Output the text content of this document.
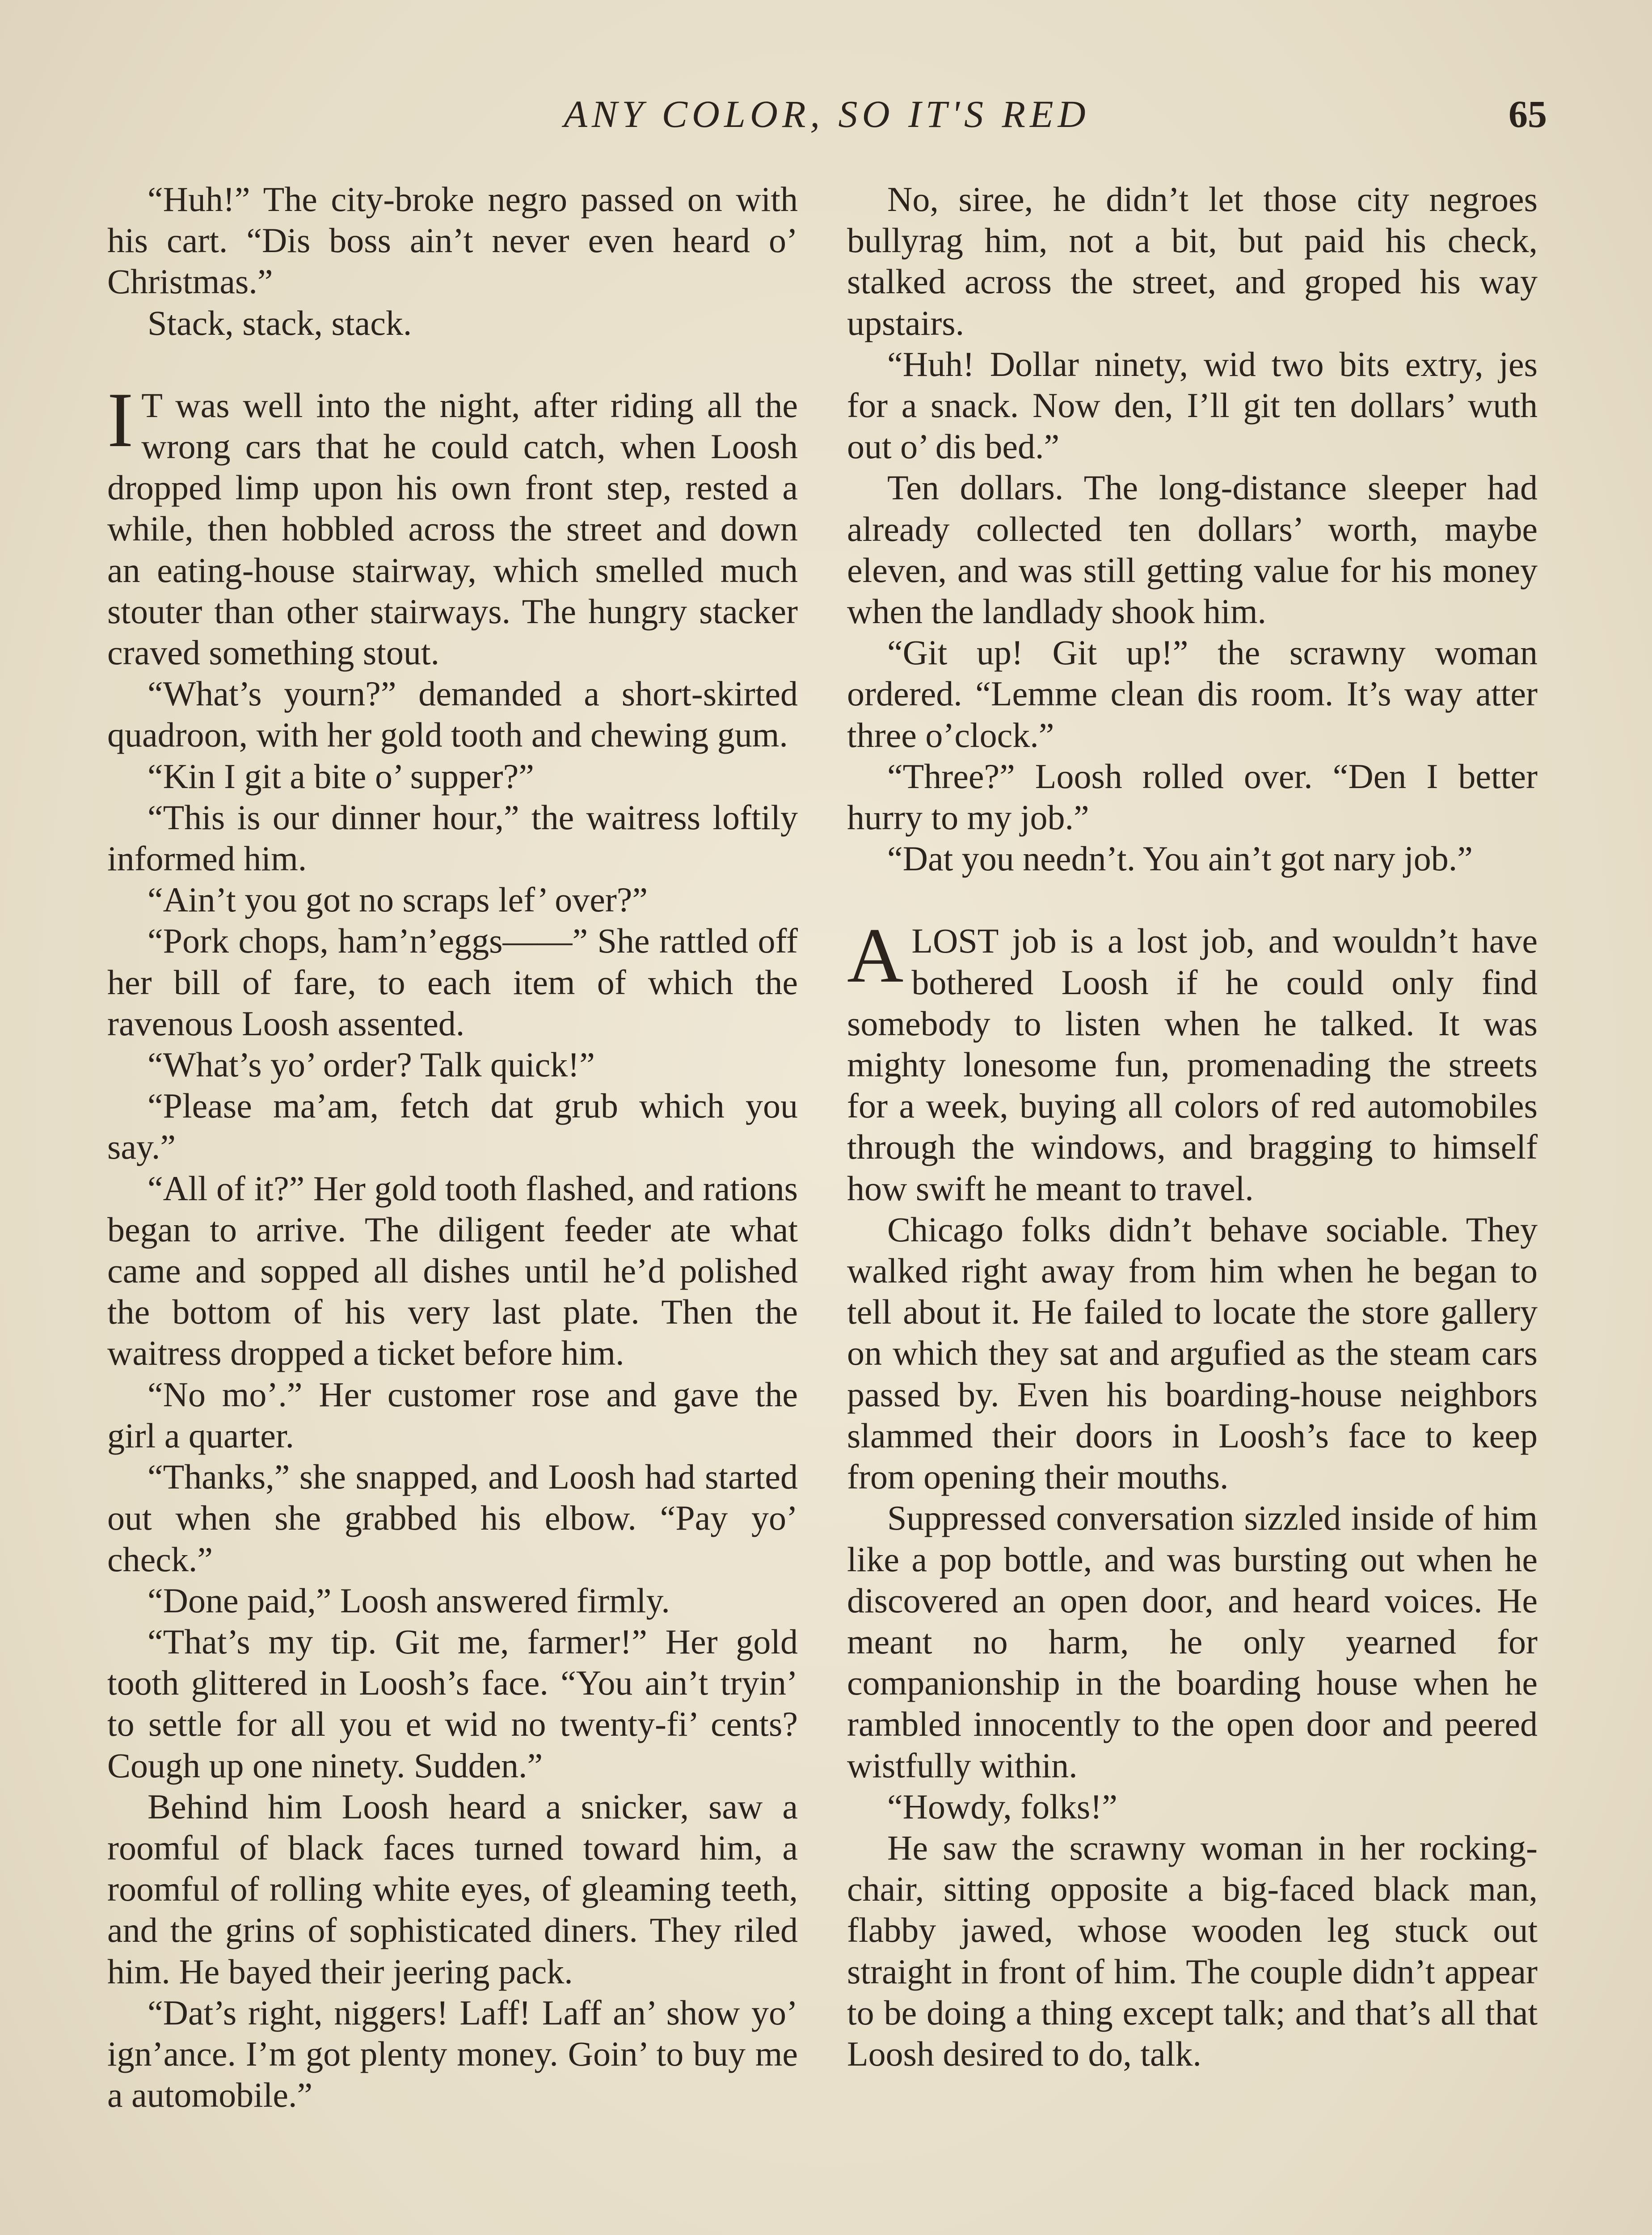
ANY COLOR, SO IT'S RED	65

“Huh!” The city-broke negro passed on with his cart. “Dis boss ain’t never even heard o’ Christmas.”

Stack, stack, stack.

I T was well into the night, after riding all the wrong cars that he could catch, when Loosh dropped limp upon his own front step, rested a while, then hobbled across the street and down an eating-house stairway, which smelled much stouter than other stairways. The hungry stacker craved something stout.

“What’s yourn?” demanded a short-skirted quadroon, with her gold tooth and chewing gum.

“Kin I git a bite o’ supper?”

“This is our dinner hour,” the waitress loftily informed him.

“Ain’t you got no scraps lef’ over?”

“Pork chops, ham’n’eggs——” She rattled off her bill of fare, to each item of which the ravenous Loosh assented.

“What’s yo’ order? Talk quick!”

“Please ma’am, fetch dat grub which you say.”

“All of it?” Her gold tooth flashed, and rations began to arrive. The diligent feeder ate what came and sopped all dishes until he’d polished the bottom of his very last plate. Then the waitress dropped a ticket before him.

“No mo’.” Her customer rose and gave the girl a quarter.

“Thanks,” she snapped, and Loosh had started out when she grabbed his elbow. “Pay yo’ check.”

“Done paid,” Loosh answered firmly.

“That’s my tip. Git me, farmer!” Her gold tooth glittered in Loosh’s face. “You ain’t tryin’ to settle for all you et wid no twenty-fi’ cents? Cough up one ninety. Sudden.”

Behind him Loosh heard a snicker, saw a roomful of black faces turned toward him, a roomful of rolling white eyes, of gleaming teeth, and the grins of sophisticated diners. They riled him. He bayed their jeering pack.

“Dat’s right, niggers! Laff! Laff an’ show yo’ ign’ance. I’m got plenty money. Goin’ to buy me a automobile.”

No, siree, he didn’t let those city negroes bullyrag him, not a bit, but paid his check, stalked across the street, and groped his way upstairs.

“Huh! Dollar ninety, wid two bits extry, jes for a snack. Now den, I’ll git ten dollars’ wuth out o’ dis bed.”

Ten dollars. The long-distance sleeper had already collected ten dollars’ worth, maybe eleven, and was still getting value for his money when the landlady shook him.

“Git up! Git up!” the scrawny woman ordered. “Lemme clean dis room. It’s way atter three o’clock.”

“Three?” Loosh rolled over. “Den I better hurry to my job.”

“Dat you needn’t. You ain’t got nary job.”

ALOST job is a lost job, and wouldn’t have bothered Loosh if he could only find somebody to listen when he talked. It was mighty lonesome fun, promenading the streets for a week, buying all colors of red automobiles through the windows, and bragging to himself how swift he meant to travel.

Chicago folks didn’t behave sociable. They walked right away from him when he began to tell about it. He failed to locate the store gallery on which they sat and argufied as the steam cars passed by. Even his boarding-house neighbors slammed their doors in Loosh’s face to keep from opening their mouths.

Suppressed conversation sizzled inside of him like a pop bottle, and was bursting out when he discovered an open door, and heard voices. He meant no harm, he only yearned for companionship in the boarding house when he rambled innocently to the open door and peered wistfully within.

“Howdy, folks!”

He saw the scrawny woman in her rocking-chair, sitting opposite a big-faced black man, flabby jawed, whose wooden leg stuck out straight in front of him. The couple didn’t appear to be doing a thing except talk; and that’s all that Loosh desired to do, talk.
